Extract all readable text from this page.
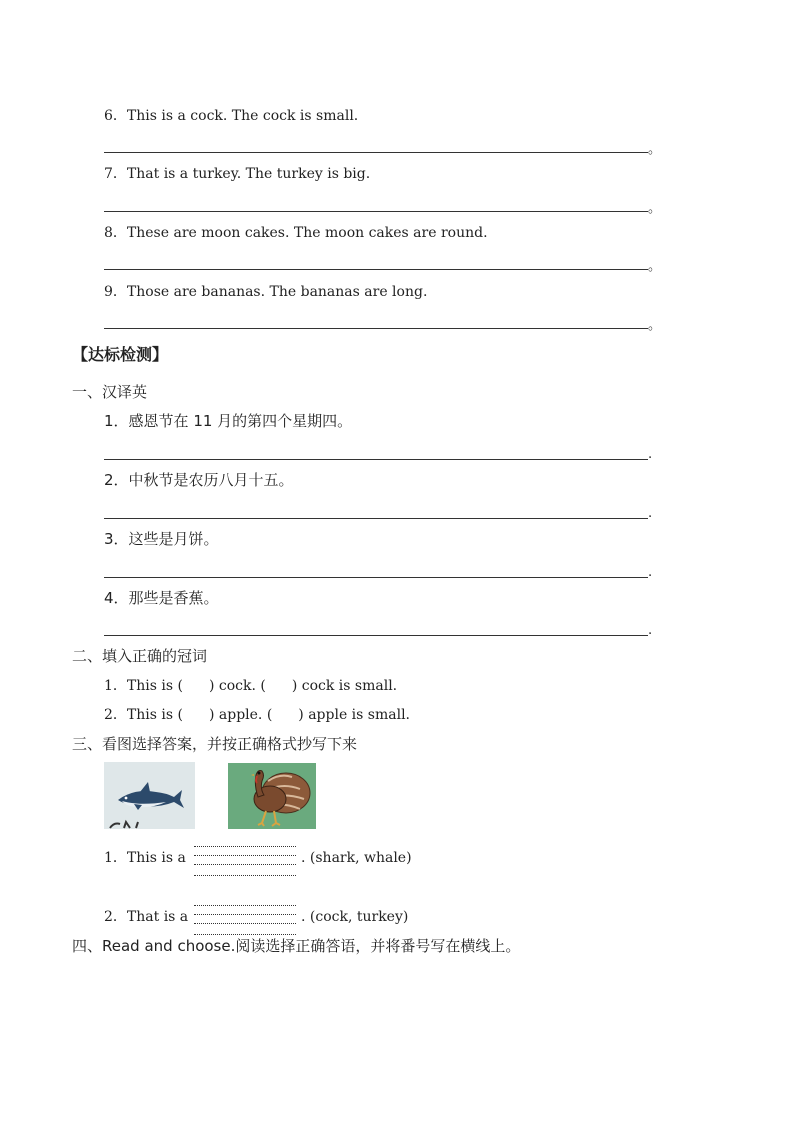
6．This is a cock. The cock is small.
。
7．That is a turkey. The turkey is big.
。
8．These are moon cakes. The moon cakes are round.
。
9．Those are bananas. The bananas are long.
。
【达标检测】
一、汉译英
1．感恩节在 11 月的第四个星期四。
.
2．中秋节是农历八月十五。
.
3．这些是月饼。
.
4．那些是香蕉。
.
二、填入正确的冠词
1．This is ( ) cock. ( ) cock is small.
2．This is ( ) apple. ( ) apple is small.
三、看图选择答案，并按正确格式抄写下来
1．This is a	. (shark, whale)
2．That is a	. (cock, turkey)
四、Read and choose.阅读选择正确答语，并将番号写在横线上。
